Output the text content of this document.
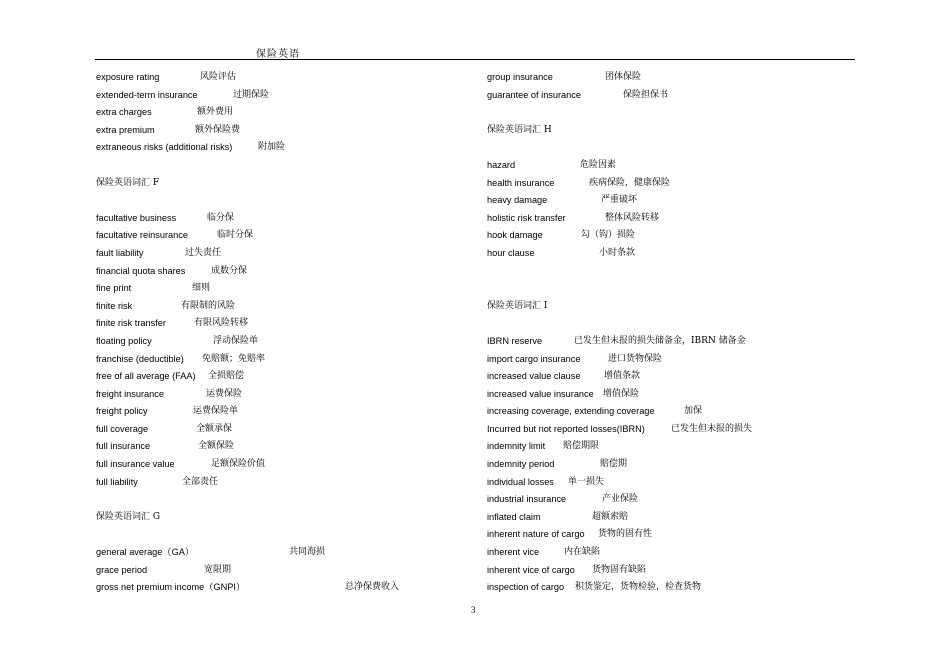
保险英语
exposure rating	风险评估
extended-term insurance	过期保险
extra charges	额外费用
extra premium	额外保险费
extraneous risks (additional risks)	附加险
保险英语词汇 F
facultative business	临分保
facultative reinsurance	临时分保
fault liability	过失责任
financial quota shares	成数分保
fine print	细则
finite risk	有限制的风险
finite risk transfer	有限风险转移
floating policy	浮动保险单
franchise (deductible) 免赔额；免赔率
free of all average (FAA) 全损赔偿
freight insurance	运费保险
freight policy	运费保险单
full coverage	全额承保
full insurance	全额保险
full insurance value	足额保险价值
full liability	全部责任
保险英语词汇 G
general average（GA）	共同海损
grace period	宽限期
gross net premium income（GNPI）	总净保费收入
group insurance	团体保险
guarantee of insurance	保险担保书
保险英语词汇 H
hazard	危险因素
health insurance	疾病保险，健康保险
heavy damage	严重破坏
holistic risk transfer	整体风险转移
hook damage	勾（钩）损险
hour clause	小时条款
保险英语词汇 I
IBRN reserve	已发生但未报的损失储备金，IBRN 储备金
import cargo insurance	进口货物保险
increased value clause	增值条款
increased value insurance 增值保险
increasing coverage, extending coverage	加保
Incurred but not reported losses(IBRN)	已发生但未报的损失
indemnity limit 赔偿期限
indemnity period	赔偿期
individual losses 单一损失
industrial insurance	产业保险
inflated claim	超额索赔
inherent nature of cargo 货物的固有性
inherent vice	内在缺陷
inherent vice of cargo 货物固有缺陷
inspection of cargo 积货鉴定，货物检验，检查货物
3
